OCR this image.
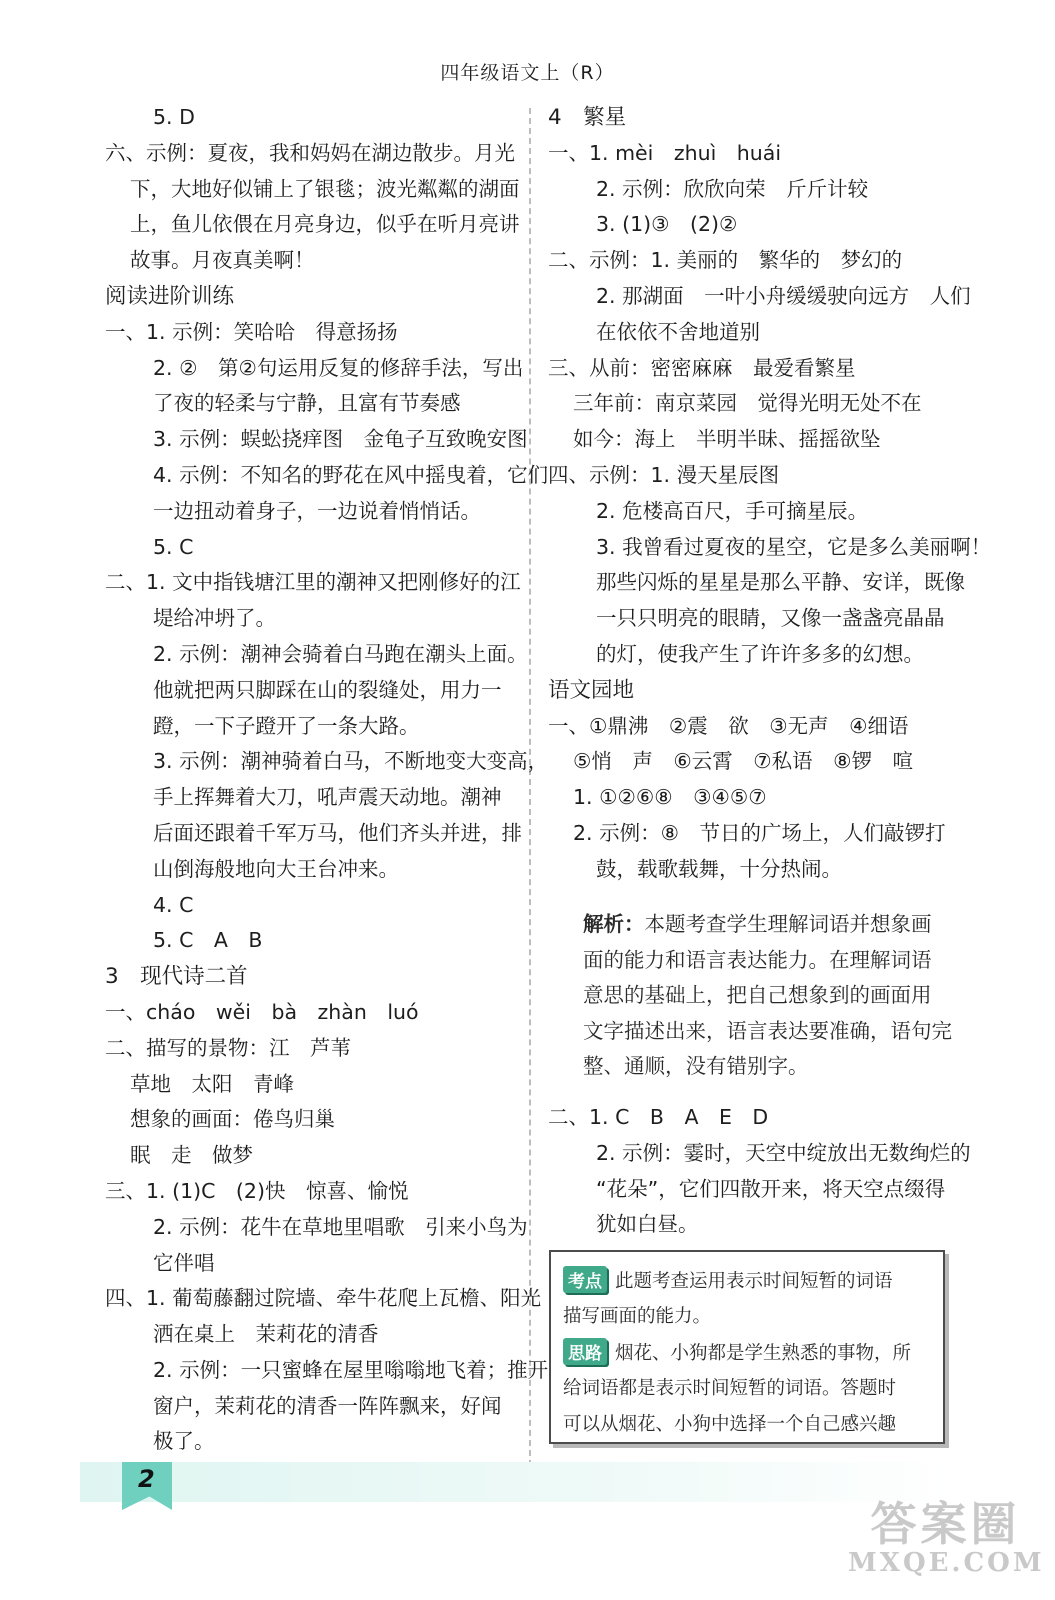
四年级语文上（R）
5. D
六、示例：夏夜，我和妈妈在湖边散步。月光
下，大地好似铺上了银毯；波光粼粼的湖面
上，鱼儿依偎在月亮身边，似乎在听月亮讲
故事。月夜真美啊！
阅读进阶训练
一、1. 示例：笑哈哈　得意扬扬
2. ②　第②句运用反复的修辞手法，写出
了夜的轻柔与宁静，且富有节奏感
3. 示例：蜈蚣挠痒图　金龟子互致晚安图
4. 示例：不知名的野花在风中摇曳着，它们
一边扭动着身子，一边说着悄悄话。
5. C
二、1. 文中指钱塘江里的潮神又把刚修好的江
堤给冲坍了。
2. 示例：潮神会骑着白马跑在潮头上面。
他就把两只脚踩在山的裂缝处，用力一
蹬，一下子蹬开了一条大路。
3. 示例：潮神骑着白马，不断地变大变高，
手上挥舞着大刀，吼声震天动地。潮神
后面还跟着千军万马，他们齐头并进，排
山倒海般地向大王台冲来。
4. C
5. C　A　B
3　现代诗二首
一、cháo　wěi　bà　zhàn　luó
二、描写的景物：江　芦苇
草地　太阳　青峰
想象的画面：倦鸟归巢
眠　走　做梦
三、1. (1)C　(2)快　惊喜、愉悦
2. 示例：花牛在草地里唱歌　引来小鸟为
它伴唱
四、1. 葡萄藤翻过院墙、牵牛花爬上瓦檐、阳光
洒在桌上　茉莉花的清香
2. 示例：一只蜜蜂在屋里嗡嗡地飞着；推开
窗户，茉莉花的清香一阵阵飘来，好闻
极了。
4　繁星
一、1. mèi　zhuì　huái
2. 示例：欣欣向荣　斤斤计较
3. (1)③　(2)②
二、示例：1. 美丽的　繁华的　梦幻的
2. 那湖面　一叶小舟缓缓驶向远方　人们
在依依不舍地道别
三、从前：密密麻麻　最爱看繁星
三年前：南京菜园　觉得光明无处不在
如今：海上　半明半昧、摇摇欲坠
四、示例：1. 漫天星辰图
2. 危楼高百尺，手可摘星辰。
3. 我曾看过夏夜的星空，它是多么美丽啊！
那些闪烁的星星是那么平静、安详，既像
一只只明亮的眼睛，又像一盏盏亮晶晶
的灯，使我产生了许许多多的幻想。
语文园地
一、①鼎沸　②震　欲　③无声　④细语
⑤悄　声　⑥云霄　⑦私语　⑧锣　喧
1. ①②⑥⑧　③④⑤⑦
2. 示例：⑧　节日的广场上，人们敲锣打
鼓，载歌载舞，十分热闹。
解析：本题考查学生理解词语并想象画
面的能力和语言表达能力。在理解词语
意思的基础上，把自己想象到的画面用
文字描述出来，语言表达要准确，语句完
整、通顺，没有错别字。
二、1. C　B　A　E　D
2. 示例：霎时，天空中绽放出无数绚烂的
“花朵”，它们四散开来，将天空点缀得
犹如白昼。
考点 此题考查运用表示时间短暂的词语
描写画面的能力。
思路 烟花、小狗都是学生熟悉的事物，所
给词语都是表示时间短暂的词语。答题时
可以从烟花、小狗中选择一个自己感兴趣
2
答案圈
MXQE.COM
